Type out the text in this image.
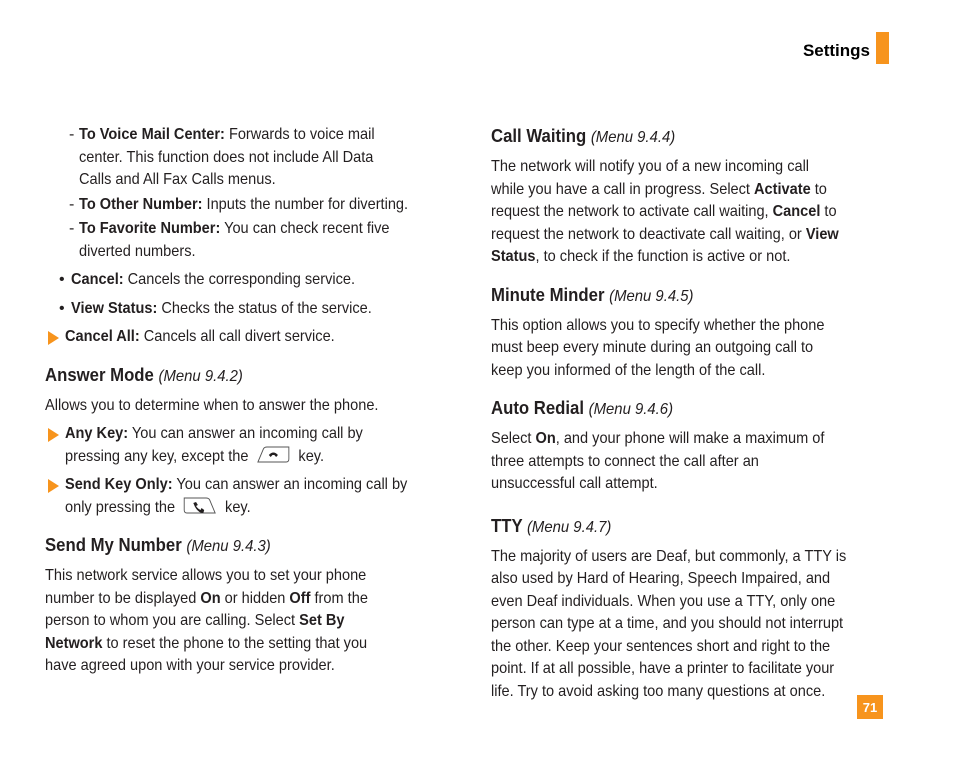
Settings
- To Voice Mail Center: Forwards to voice mail
center. This function does not include All Data
Calls and All Fax Calls menus.
- To Other Number: Inputs the number for diverting.
- To Favorite Number: You can check recent five
diverted numbers.
• Cancel: Cancels the corresponding service.
• View Status: Checks the status of the service.
Cancel All: Cancels all call divert service.
Answer Mode (Menu 9.4.2)

Allows you to determine when to answer the phone.

Any Key: You can answer an incoming call by
pressing any key, except the	key.
Send Key Only: You can answer an incoming call by
only pressing the	key.
Send My Number (Menu 9.4.3)

This network service allows you to set your phone
number to be displayed On or hidden Off from the
person to whom you are calling. Select Set By
Network to reset the phone to the setting that you
have agreed upon with your service provider.

Call Waiting (Menu 9.4.4)

The network will notify you of a new incoming call
while you have a call in progress. Select Activate to
request the network to activate call waiting, Cancel to
request the network to deactivate call waiting, or View
Status, to check if the function is active or not.

Minute Minder (Menu 9.4.5)

This option allows you to specify whether the phone
must beep every minute during an outgoing call to
keep you informed of the length of the call.

Auto Redial (Menu 9.4.6)

Select On, and your phone will make a maximum of
three attempts to connect the call after an
unsuccessful call attempt.

TTY (Menu 9.4.7)

The majority of users are Deaf, but commonly, a TTY is
also used by Hard of Hearing, Speech Impaired, and
even Deaf individuals. When you use a TTY, only one
person can type at a time, and you should not interrupt
the other. Keep your sentences short and right to the
point. If at all possible, have a printer to facilitate your
life. Try to avoid asking too many questions at once.

71
